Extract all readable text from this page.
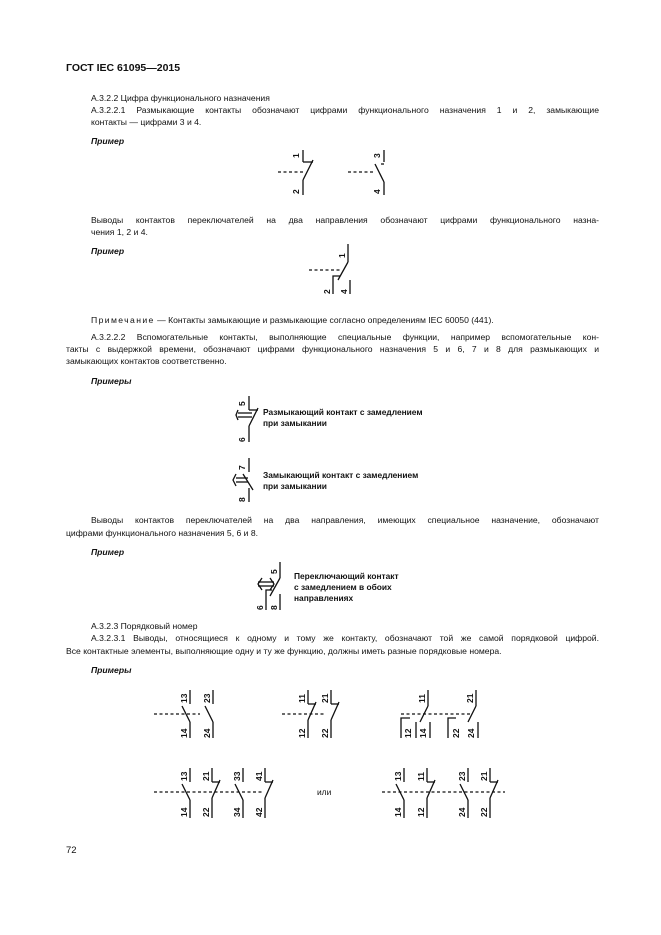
ГОСТ IEC 61095—2015
А.3.2.2 Цифра функционального назначения
А.3.2.2.1 Размыкающие контакты обозначают цифрами функционального назначения 1 и 2, замыкающие
контакты — цифрами 3 и 4.
Пример
Выводы контактов переключателей на два направления обозначают цифрами функционального назна-
чения 1, 2 и 4.
Пример
Примечание — Контакты замыкающие и размыкающие согласно определениям IEC 60050 (441).
А.3.2.2.2 Вспомогательные контакты, выполняющие специальные функции, например вспомогательные кон-
такты с выдержкой времени, обозначают цифрами функционального назначения 5 и 6, 7 и 8 для размыкающих и
замыкающих контактов соответственно.
Примеры
Размыкающий контакт с замедлением
при замыкании
Замыкающий контакт с замедлением
при замыкании
Выводы контактов переключателей на два направления, имеющих специальное назначение, обозначают
цифрами функционального назначения 5, 6 и 8.
Пример
Переключающий контакт
с замедлением в обоих
направлениях
А.3.2.3 Порядковый номер
А.3.2.3.1 Выводы, относящиеся к одному и тому же контакту, обозначают той же самой порядковой цифрой.
Все контактные элементы, выполняющие одну и ту же функцию, должны иметь разные порядковые номера.
Примеры
или
72
1
2
3
4
1
2 4
5
6
7
8
5
6 8
13 23
14 24
11 21
12 22
11	21
12 14	22 24
13 21 33 41
14 22 34 42
13 11	23 21
14 12	24 22
